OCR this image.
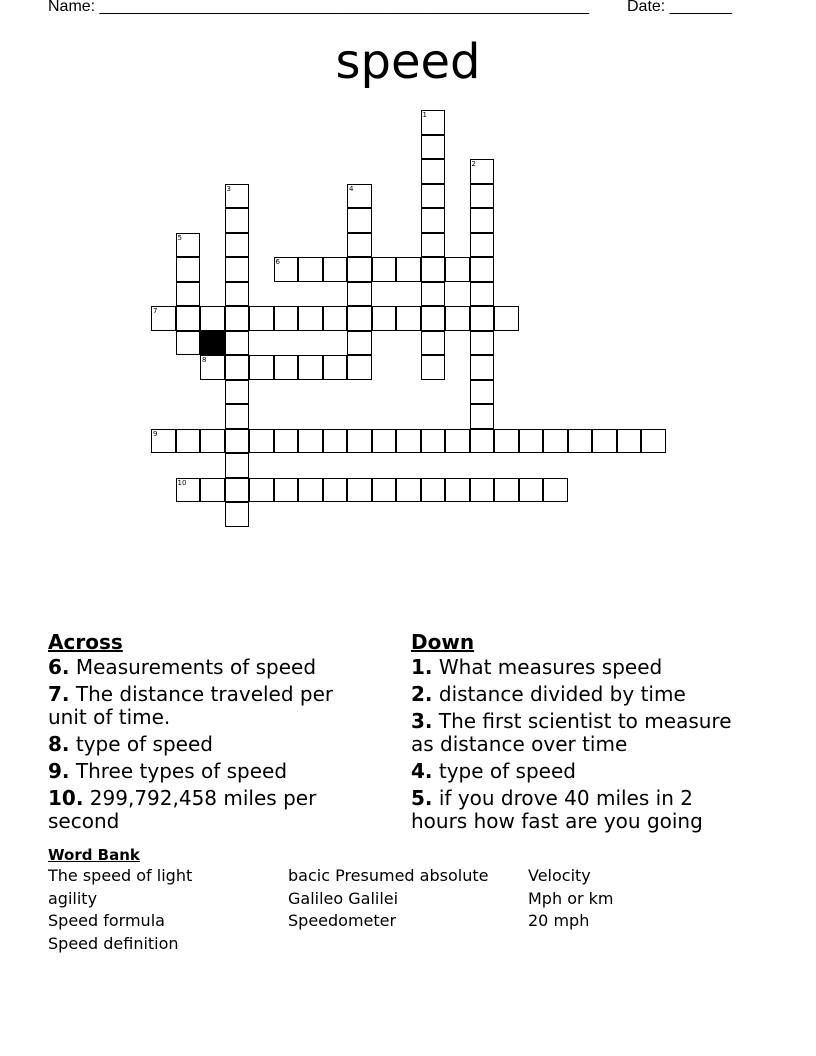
Name: _______________________________________________________ Date: _______
speed
1
2
3	4
5
6
7
8
9
10
Across
6. Measurements of speed
7. The distance traveled per unit of time.
8. type of speed
9. Three types of speed
10. 299,792,458 miles per second
Down
1. What measures speed
2. distance divided by time
3. The first scientist to measure as distance over time
4. type of speed
5. if you drove 40 miles in 2 hours how fast are you going
Word Bank
The speed of light	bacic Presumed absolute	Velocity
agility	Galileo Galilei	Mph or km
Speed formula	Speedometer	20 mph
Speed definition
